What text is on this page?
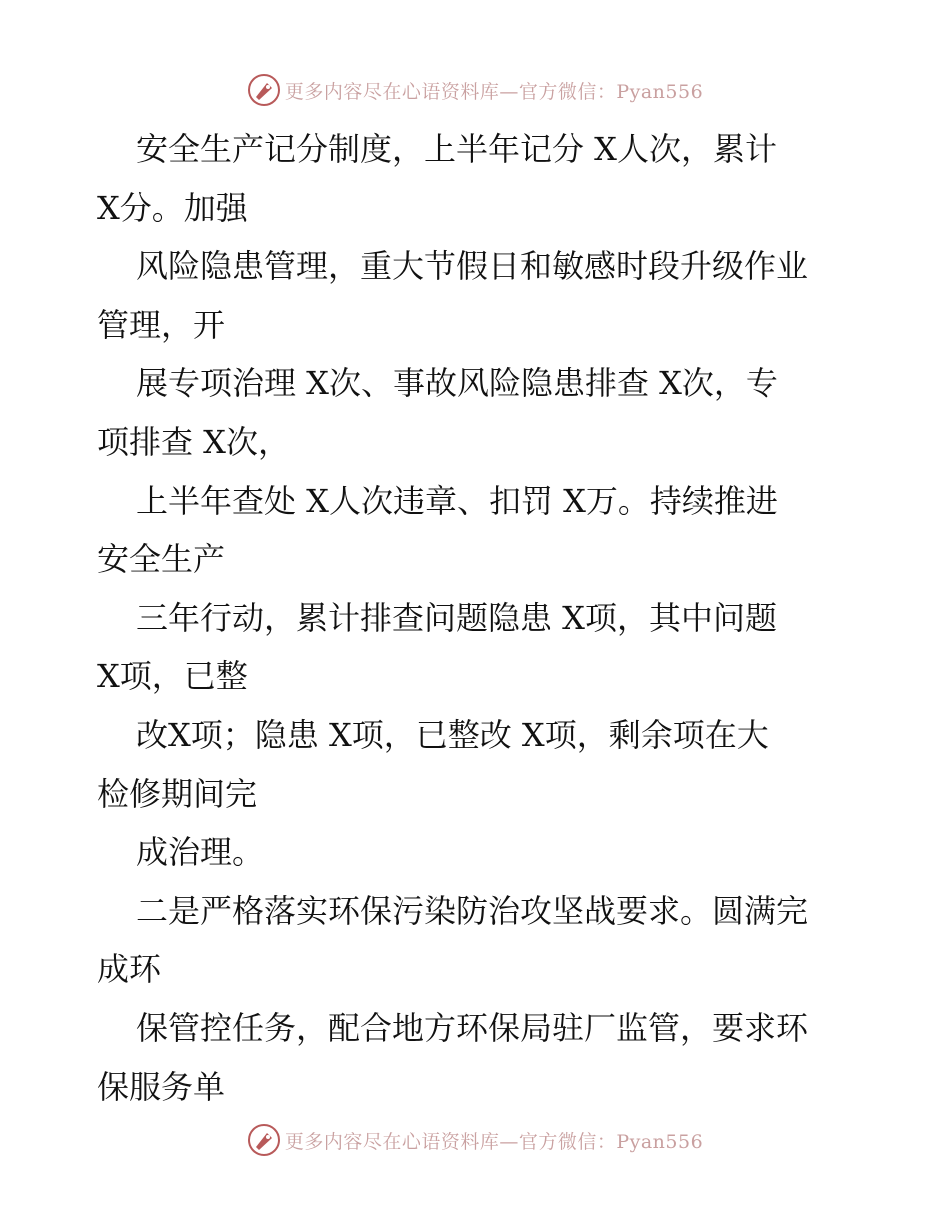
更多内容尽在心语资料库—官方微信：Pyan556
安全生产记分制度，上半年记分 X人次，累计
X分。加强
风险隐患管理，重大节假日和敏感时段升级作业
管理，开
展专项治理 X次、事故风险隐患排查 X次，专
项排查 X次，
上半年查处 X人次违章、扣罚 X万。持续推进
安全生产
三年行动，累计排查问题隐患 X项，其中问题
X项，已整
改X项；隐患 X项，已整改 X项，剩余项在大
检修期间完
成治理。
二是严格落实环保污染防治攻坚战要求。圆满完
成环
保管控任务，配合地方环保局驻厂监管，要求环
保服务单
更多内容尽在心语资料库—官方微信：Pyan556
